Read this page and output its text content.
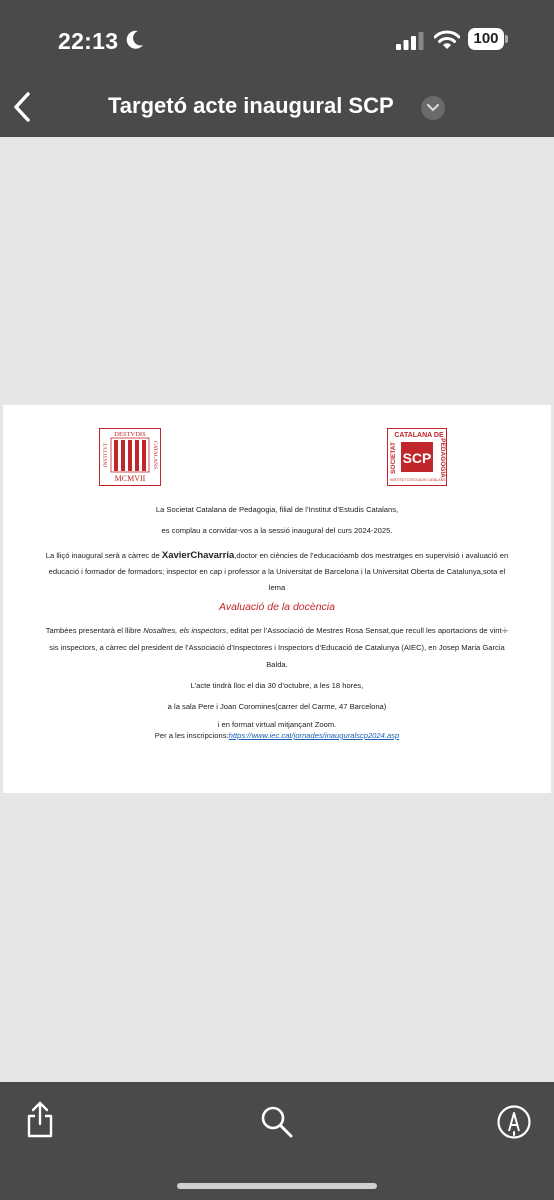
22:13	100
Targetó acte inaugural SCP
DESTVDIS
INSTITVT	CATALANS
MCMVII
CATALANA DE
SOCIETAT	PEDAGOGIA
SCP
INSTITUT D'ESTUDIS CATALANS
La Societat Catalana de Pedagogia, filial de l’Institut d’Estudis Catalans,
es complau a convidar-vos a la sessió inaugural del curs 2024-2025.
La lliçó inaugural serà a càrrec de XavierChavarria,doctor en ciències de l’educacióamb dos mestratges en supervisió i avaluació en educació i formador de formadors; inspector en cap i professor a la Universitat de Barcelona i la Universitat Oberta de Catalunya,sota el lema
Avaluació de la docència
Tambées presentarà el llibre Nosaltres, els inspectors, editat per l’Associació de Mestres Rosa Sensat,que recull les aportacions de vint-i-sis inspectors, a càrrec del president de l’Associació d’Inspectores i Inspectors d’Educació de Catalunya (AIEC), en Josep Maria Garcia Balda.
L’acte tindrà lloc el dia 30 d’octubre, a les 18 hores,
a la sala Pere i Joan Coromines(carrer del Carme, 47 Barcelona)
i en format virtual mitjançant Zoom.
Per a les inscripcions:https://www.iec.cat/jornades/inauguralscp2024.asp
